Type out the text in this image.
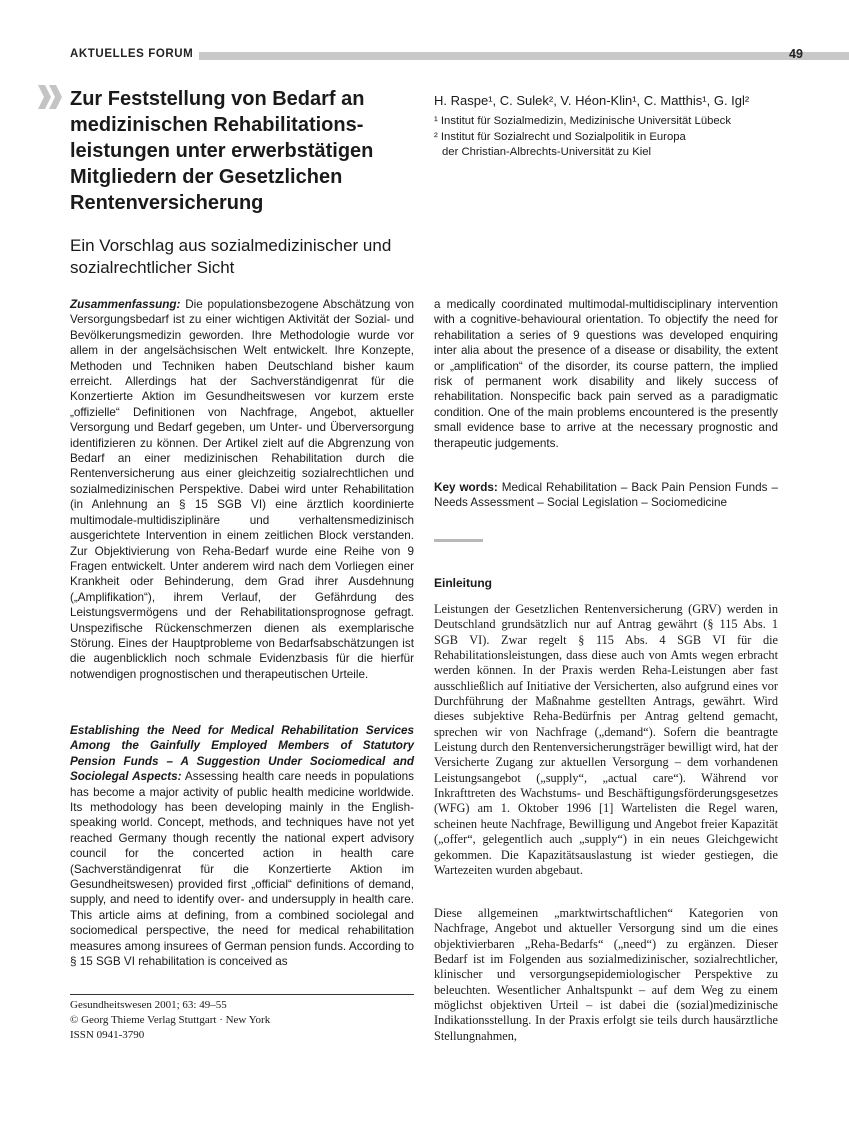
AKTUELLES FORUM	49
Zur Feststellung von Bedarf an medizinischen Rehabilitationsleistungen unter erwerbstätigen Mitgliedern der Gesetzlichen Rentenversicherung
Ein Vorschlag aus sozialmedizinischer und sozialrechtlicher Sicht
H. Raspe¹, C. Sulek², V. Héon-Klin¹, C. Matthis¹, G. Igl²
¹ Institut für Sozialmedizin, Medizinische Universität Lübeck
² Institut für Sozialrecht und Sozialpolitik in Europa
der Christian-Albrechts-Universität zu Kiel

Zusammenfassung: Die populationsbezogene Abschätzung von Versorgungsbedarf ist zu einer wichtigen Aktivität der Sozial- und Bevölkerungsmedizin geworden. Ihre Methodologie wurde vor allem in der angelsächsischen Welt entwickelt. Ihre Konzepte, Methoden und Techniken haben Deutschland bisher kaum erreicht. Allerdings hat der Sachverständigenrat für die Konzertierte Aktion im Gesundheitswesen vor kurzem erste „offizielle“ Definitionen von Nachfrage, Angebot, aktueller Versorgung und Bedarf gegeben, um Unter- und Überversorgung identifizieren zu können. Der Artikel zielt auf die Abgrenzung von Bedarf an einer medizinischen Rehabilitation durch die Rentenversicherung aus einer gleichzeitig sozialrechtlichen und sozialmedizinischen Perspektive. Dabei wird unter Rehabilitation (in Anlehnung an § 15 SGB VI) eine ärztlich koordinierte multimodale-multidisziplinäre und verhaltensmedizinisch ausgerichtete Intervention in einem zeitlichen Block verstanden. Zur Objektivierung von Reha-Bedarf wurde eine Reihe von 9 Fragen entwickelt. Unter anderem wird nach dem Vorliegen einer Krankheit oder Behinderung, dem Grad ihrer Ausdehnung („Amplifikation“), ihrem Verlauf, der Gefährdung des Leistungsvermögens und der Rehabilitationsprognose gefragt. Unspezifische Rückenschmerzen dienen als exemplarische Störung. Eines der Hauptprobleme von Bedarfsabschätzungen ist die augenblicklich noch schmale Evidenzbasis für die hierfür notwendigen prognostischen und therapeutischen Urteile.

Establishing the Need for Medical Rehabilitation Services Among the Gainfully Employed Members of Statutory Pension Funds – A Suggestion Under Sociomedical and Sociolegal Aspects: Assessing health care needs in populations has become a major activity of public health medicine worldwide. Its methodology has been developing mainly in the English-speaking world. Concept, methods, and techniques have not yet reached Germany though recently the national expert advisory council for the concerted action in health care (Sachverständigenrat für die Konzertierte Aktion im Gesundheitswesen) provided first „official“ definitions of demand, supply, and need to identify over- and undersupply in health care. This article aims at defining, from a combined sociolegal and sociomedical perspective, the need for medical rehabilitation measures among insurees of German pension funds. According to § 15 SGB VI rehabilitation is conceived as

a medically coordinated multimodal-multidisciplinary intervention with a cognitive-behavioural orientation. To objectify the need for rehabilitation a series of 9 questions was developed enquiring inter alia about the presence of a disease or disability, the extent or „amplification“ of the disorder, its course pattern, the implied risk of permanent work disability and likely success of rehabilitation. Nonspecific back pain served as a paradigmatic condition. One of the main problems encountered is the presently small evidence base to arrive at the necessary prognostic and therapeutic judgements.

Key words: Medical Rehabilitation – Back Pain Pension Funds – Needs Assessment – Social Legislation – Sociomedicine

Einleitung

Leistungen der Gesetzlichen Rentenversicherung (GRV) werden in Deutschland grundsätzlich nur auf Antrag gewährt (§ 115 Abs. 1 SGB VI). Zwar regelt § 115 Abs. 4 SGB VI für die Rehabilitationsleistungen, dass diese auch von Amts wegen erbracht werden können. In der Praxis werden Reha-Leistungen aber fast ausschließlich auf Initiative der Versicherten, also aufgrund eines vor Durchführung der Maßnahme gestellten Antrags, gewährt. Wird dieses subjektive Reha-Bedürfnis per Antrag geltend gemacht, sprechen wir von Nachfrage („demand“). Sofern die beantragte Leistung durch den Rentenversicherungsträger bewilligt wird, hat der Versicherte Zugang zur aktuellen Versorgung – dem vorhandenen Leistungsangebot („supply“, „actual care“). Während vor Inkrafttreten des Wachstums- und Beschäftigungsförderungsgesetzes (WFG) am 1. Oktober 1996 [1] Wartelisten die Regel waren, scheinen heute Nachfrage, Bewilligung und Angebot freier Kapazität („offer“, gelegentlich auch „supply“) in ein neues Gleichgewicht gekommen. Die Kapazitätsauslastung ist wieder gestiegen, die Wartezeiten wurden abgebaut.

Diese allgemeinen „marktwirtschaftlichen“ Kategorien von Nachfrage, Angebot und aktueller Versorgung sind um die eines objektivierbaren „Reha-Bedarfs“ („need“) zu ergänzen. Dieser Bedarf ist im Folgenden aus sozialmedizinischer, sozialrechtlicher, klinischer und versorgungsepidemiologischer Perspektive zu beleuchten. Wesentlicher Anhaltspunkt – auf dem Weg zu einem möglichst objektiven Urteil – ist dabei die (sozial)medizinische Indikationsstellung. In der Praxis erfolgt sie teils durch hausärztliche Stellungnahmen,

Gesundheitswesen 2001; 63: 49–55
© Georg Thieme Verlag Stuttgart · New York
ISSN 0941-3790
